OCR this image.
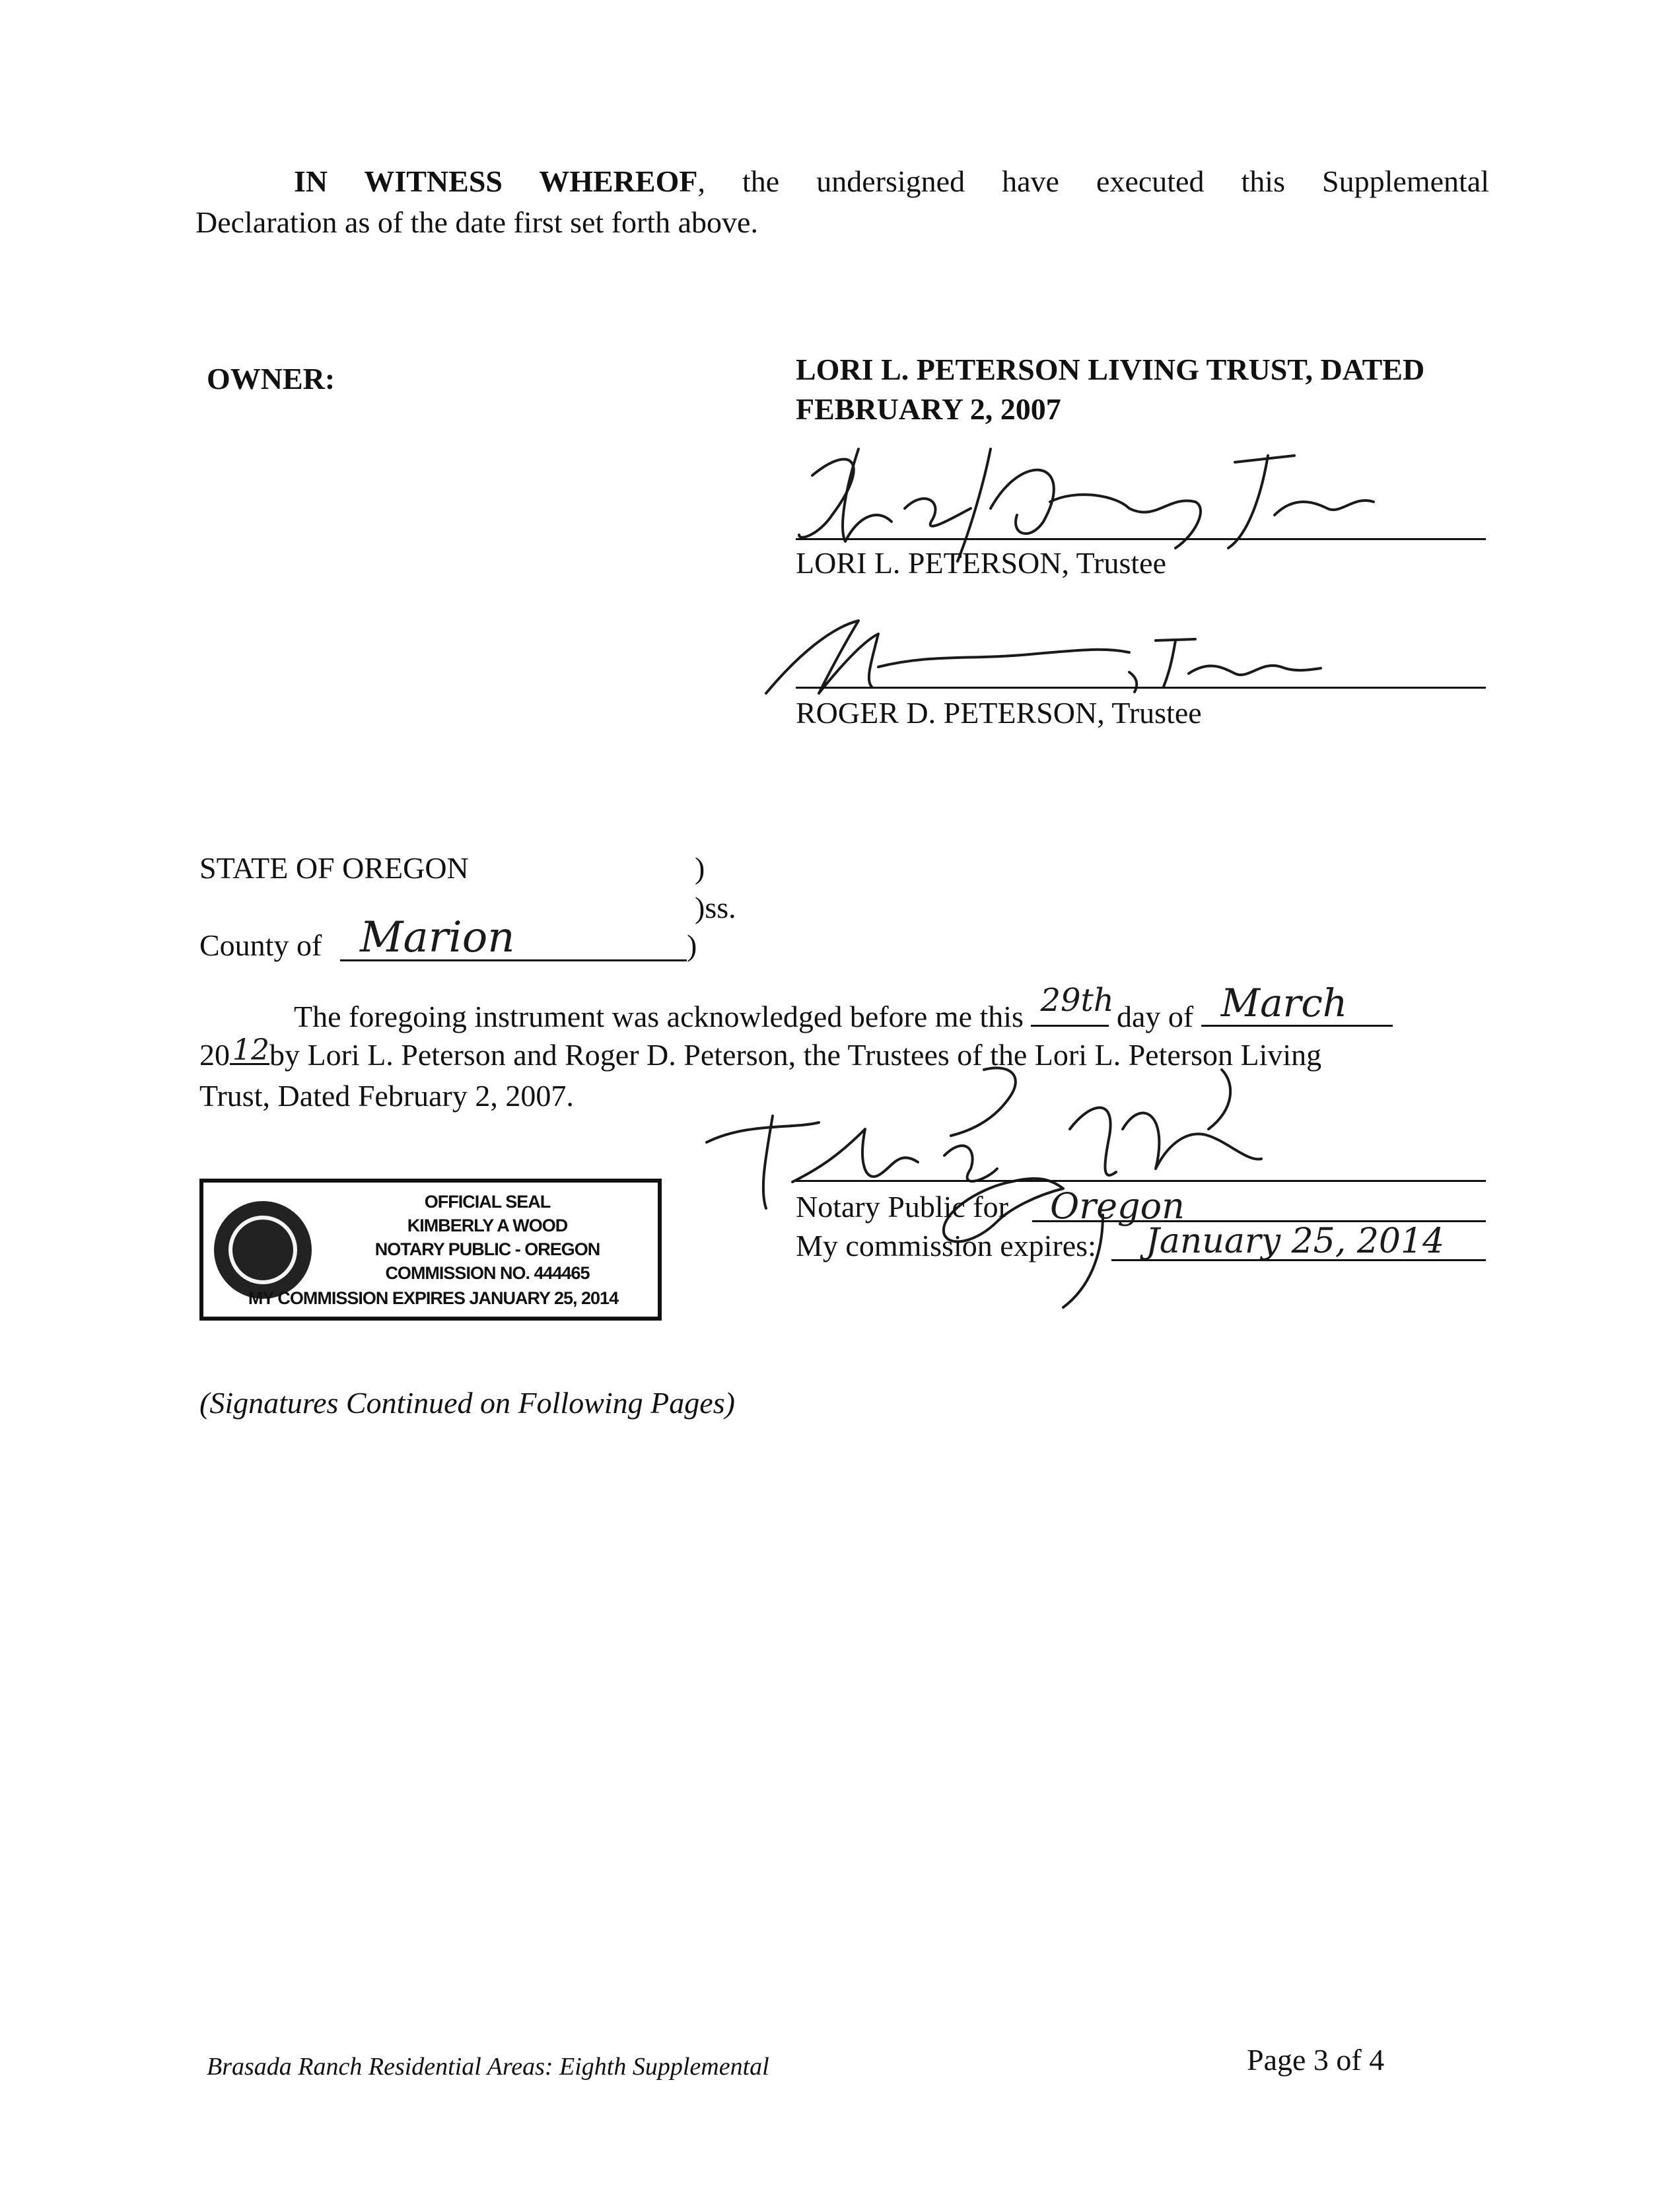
IN WITNESS WHEREOF, the undersigned have executed this Supplemental
Declaration as of the date first set forth above.
OWNER:	LORI L. PETERSON LIVING TRUST, DATED
FEBRUARY 2, 2007
LORI L. PETERSON, Trustee
ROGER D. PETERSON, Trustee
STATE OF OREGON	)
)ss.
County of Marion	)
The foregoing instrument was acknowledged before me this 29th day of March
20 12 by Lori L. Peterson and Roger D. Peterson, the Trustees of the Lori L. Peterson Living
Trust, Dated February 2, 2007.
Notary Public for Oregon
My commission expires: January 25, 2014
OFFICIAL SEAL
KIMBERLY A WOOD
NOTARY PUBLIC - OREGON
COMMISSION NO. 444465
MY COMMISSION EXPIRES JANUARY 25, 2014
(Signatures Continued on Following Pages)
Brasada Ranch Residential Areas: Eighth Supplemental	Page 3 of 4
